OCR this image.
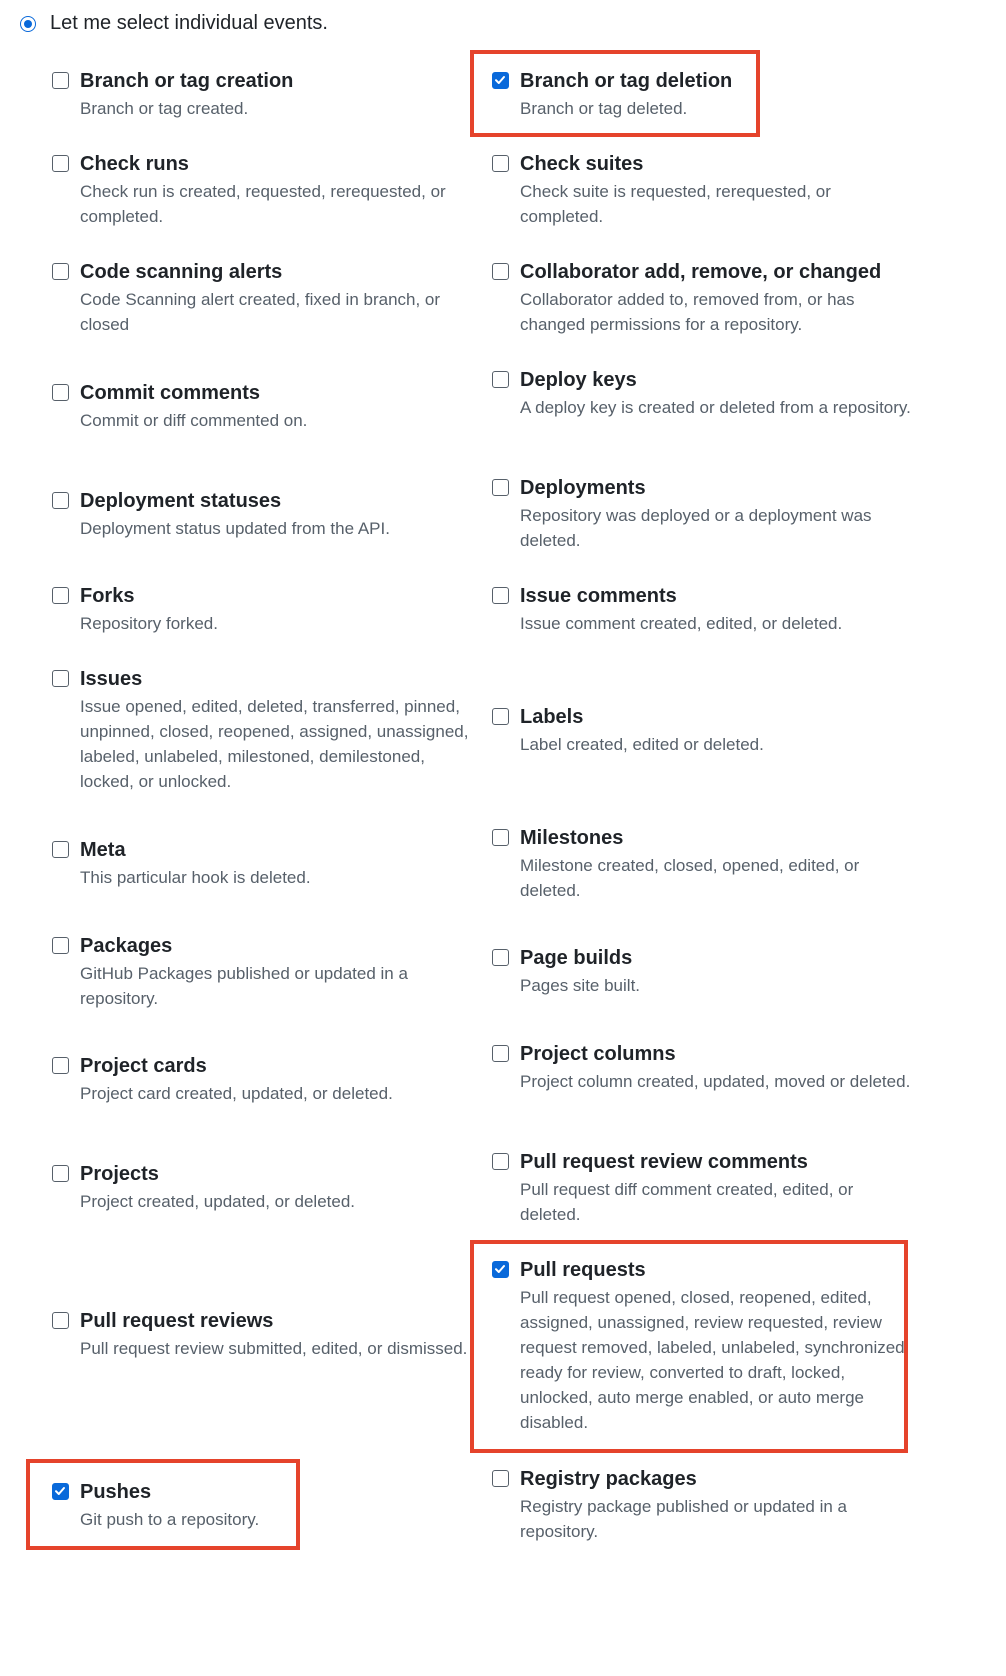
Let me select individual events.
Branch or tag creation
Branch or tag created.
Branch or tag deletion
Branch or tag deleted.
Check runs
Check run is created, requested, rerequested, or completed.
Check suites
Check suite is requested, rerequested, or completed.
Code scanning alerts
Code Scanning alert created, fixed in branch, or closed
Collaborator add, remove, or changed
Collaborator added to, removed from, or has changed permissions for a repository.
Commit comments
Commit or diff commented on.
Deploy keys
A deploy key is created or deleted from a repository.
Deployment statuses
Deployment status updated from the API.
Deployments
Repository was deployed or a deployment was deleted.
Forks
Repository forked.
Issue comments
Issue comment created, edited, or deleted.
Issues
Issue opened, edited, deleted, transferred, pinned, unpinned, closed, reopened, assigned, unassigned, labeled, unlabeled, milestoned, demilestoned, locked, or unlocked.
Labels
Label created, edited or deleted.
Meta
This particular hook is deleted.
Milestones
Milestone created, closed, opened, edited, or deleted.
Packages
GitHub Packages published or updated in a repository.
Page builds
Pages site built.
Project cards
Project card created, updated, or deleted.
Project columns
Project column created, updated, moved or deleted.
Projects
Project created, updated, or deleted.
Pull request review comments
Pull request diff comment created, edited, or deleted.
Pull request reviews
Pull request review submitted, edited, or dismissed.
Pull requests
Pull request opened, closed, reopened, edited, assigned, unassigned, review requested, review request removed, labeled, unlabeled, synchronized, ready for review, converted to draft, locked, unlocked, auto merge enabled, or auto merge disabled.
Pushes
Git push to a repository.
Registry packages
Registry package published or updated in a repository.
